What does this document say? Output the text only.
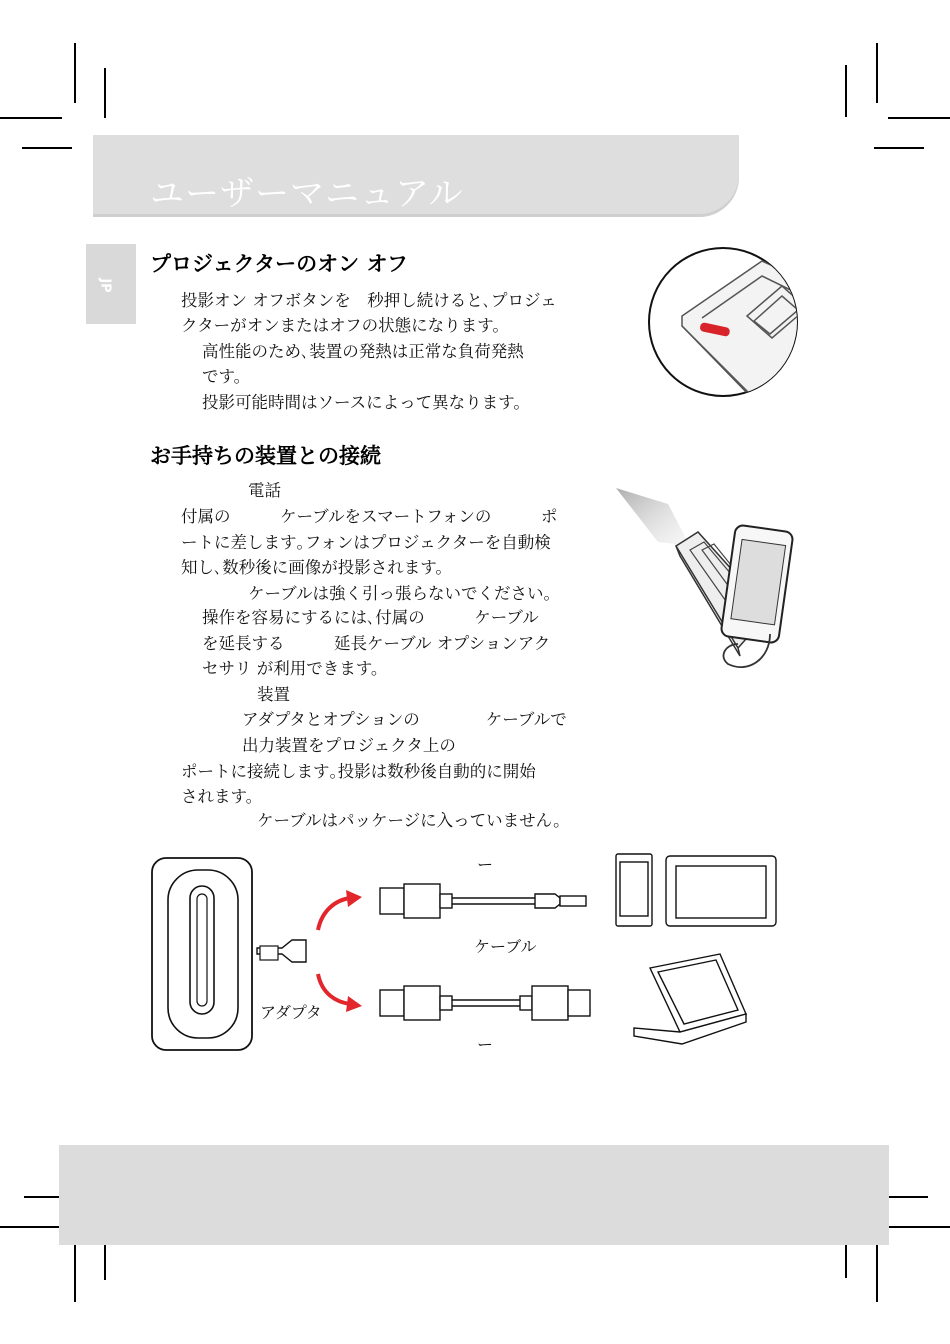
ユーザーマニュアル
JP
プロジェクターのオン オフ
投影オン オフボタンを　秒押し続けると､プロジェ
クターがオンまたはオフの状態になります。
高性能のため､装置の発熱は正常な負荷発熱
です。
投影可能時間はソースによって異なります。
お手持ちの装置との接続
電話
付属の　　　ケーブルをスマートフォンの　　　ポ
ートに差します｡フォンはプロジェクターを自動検
知し､数秒後に画像が投影されます。
ケーブルは強く引っ張らないでください。
操作を容易にするには､付属の　　　ケーブル
を延長する　　　延長ケーブル オプションアク
セサリ が利用できます。
装置
アダプタとオプションの　　　　ケーブルで
出力装置をプロジェクタ上の
ポートに接続します｡投影は数秒後自動的に開始
されます。
ケーブルはパッケージに入っていません。
ー
ケーブル
アダプタ
ー
